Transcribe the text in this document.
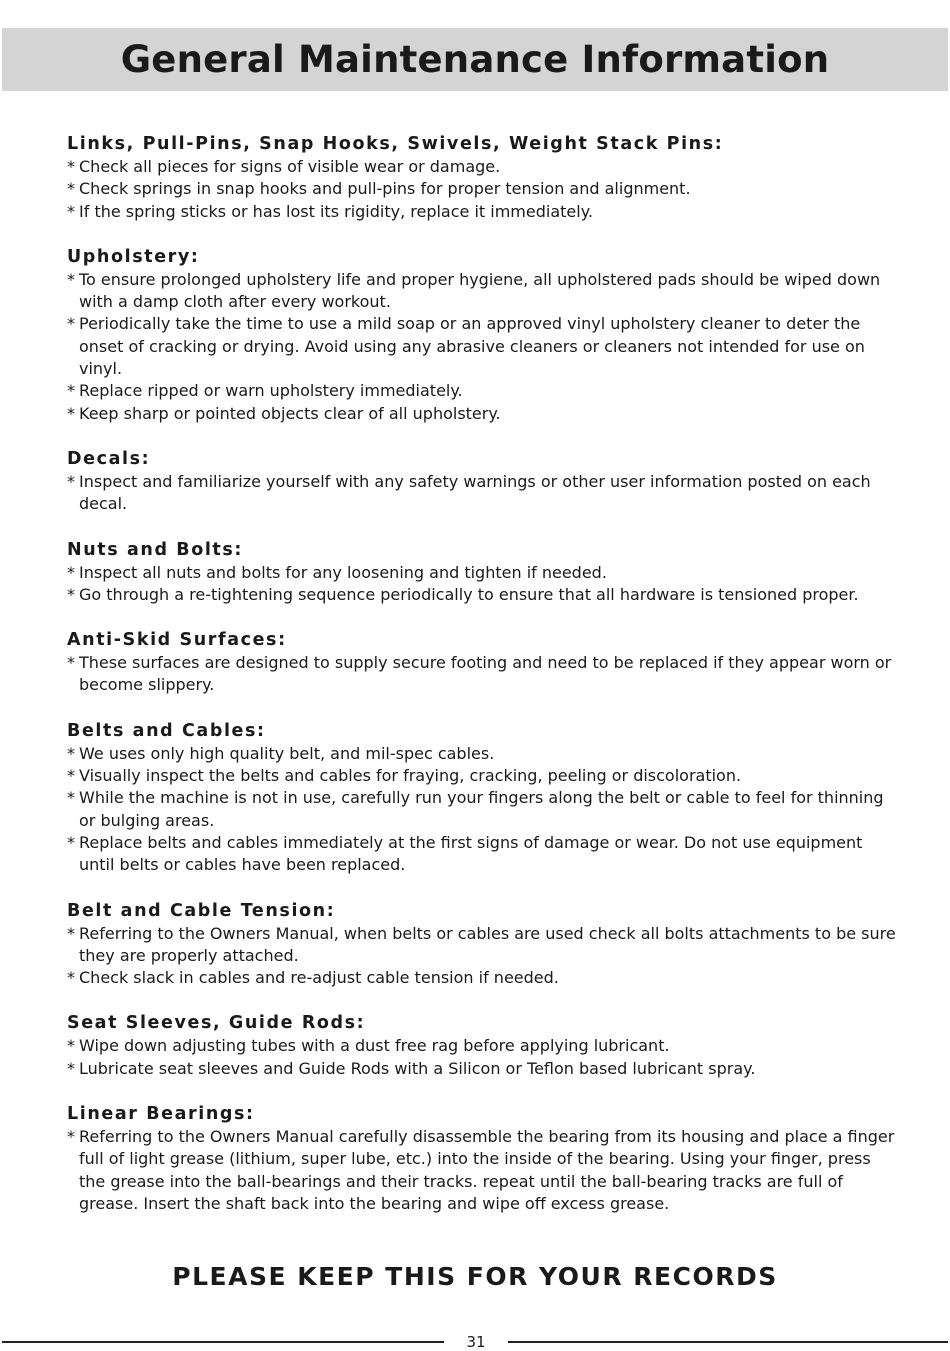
General Maintenance Information
Links, Pull-Pins, Snap Hooks, Swivels, Weight Stack Pins:
* Check all pieces for signs of visible wear or damage.
* Check springs in snap hooks and pull-pins for proper tension and alignment.
* If the spring sticks or has lost its rigidity, replace it immediately.
Upholstery:
* To ensure prolonged upholstery life and proper hygiene, all upholstered pads should be wiped down with a damp cloth after every workout.
* Periodically take the time to use a mild soap or an approved vinyl upholstery cleaner to deter the onset of cracking or drying. Avoid using any abrasive cleaners or cleaners not intended for use on vinyl.
* Replace ripped or warn upholstery immediately.
* Keep sharp or pointed objects clear of all upholstery.
Decals:
* Inspect and familiarize yourself with any safety warnings or other user information posted on each decal.
Nuts and Bolts:
* Inspect all nuts and bolts for any loosening and tighten if needed.
* Go through a re-tightening sequence periodically to ensure that all hardware is tensioned proper.
Anti-Skid Surfaces:
* These surfaces are designed to supply secure footing and need to be replaced if they appear worn or become slippery.
Belts and Cables:
* We uses only high quality belt, and mil-spec cables.
* Visually inspect the belts and cables for fraying, cracking, peeling or discoloration.
* While the machine is not in use, carefully run your fingers along the belt or cable to feel for thinning or bulging areas.
* Replace belts and cables immediately at the first signs of damage or wear. Do not use equipment until belts or cables have been replaced.
Belt and Cable Tension:
* Referring to the Owners Manual, when belts or cables are used check all bolts attachments to be sure they are properly attached.
* Check slack in cables and re-adjust cable tension if needed.
Seat Sleeves, Guide Rods:
* Wipe down adjusting tubes with a dust free rag before applying lubricant.
* Lubricate seat sleeves and Guide Rods with a Silicon or Teflon based lubricant spray.
Linear Bearings:
* Referring to the Owners Manual carefully disassemble the bearing from its housing and place a finger full of light grease (lithium, super lube, etc.) into the inside of the bearing. Using your finger, press the grease into the ball-bearings and their tracks. repeat until the ball-bearing tracks are full of grease. Insert the shaft back into the bearing and wipe off excess grease.
PLEASE KEEP THIS FOR YOUR RECORDS
31
